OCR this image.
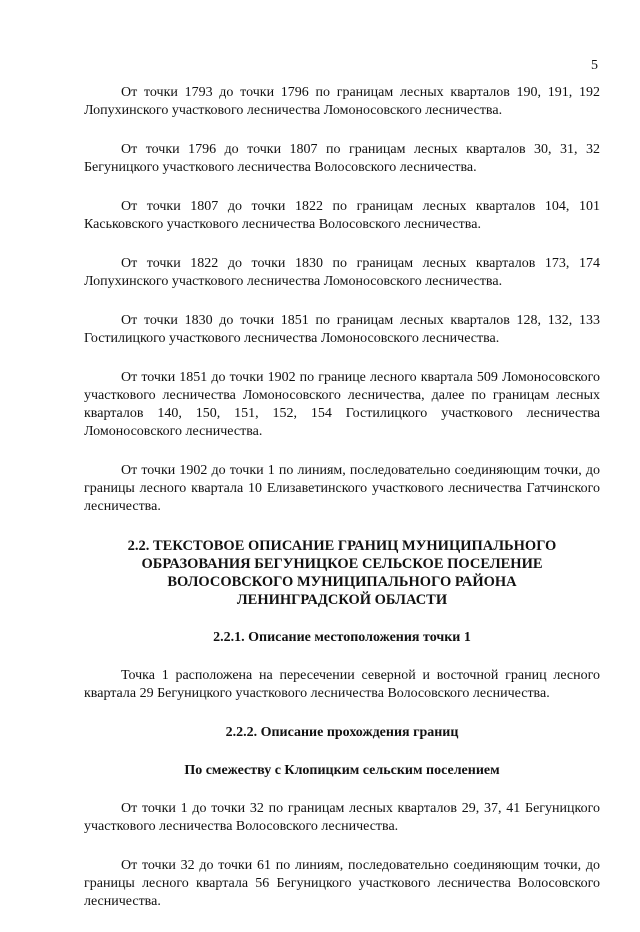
5

От точки 1793 до точки 1796 по границам лесных кварталов 190, 191, 192 Лопухинского участкового лесничества Ломоносовского лесничества.

От точки 1796 до точки 1807 по границам лесных кварталов 30, 31, 32 Бегуницкого участкового лесничества Волосовского лесничества.

От точки 1807 до точки 1822 по границам лесных кварталов 104, 101 Каськовского участкового лесничества Волосовского лесничества.

От точки 1822 до точки 1830 по границам лесных кварталов 173, 174 Лопухинского участкового лесничества Ломоносовского лесничества.

От точки 1830 до точки 1851 по границам лесных кварталов 128, 132, 133 Гостилицкого участкового лесничества Ломоносовского лесничества.

От точки 1851 до точки 1902 по границе лесного квартала 509 Ломоносовского участкового лесничества Ломоносовского лесничества, далее по границам лесных кварталов 140, 150, 151, 152, 154 Гостилицкого участкового лесничества Ломоносовского лесничества.

От точки 1902 до точки 1 по линиям, последовательно соединяющим точки, до границы лесного квартала 10 Елизаветинского участкового лесничества Гатчинского лесничества.

2.2. ТЕКСТОВОЕ ОПИСАНИЕ ГРАНИЦ МУНИЦИПАЛЬНОГО
ОБРАЗОВАНИЯ БЕГУНИЦКОЕ СЕЛЬСКОЕ ПОСЕЛЕНИЕ
ВОЛОСОВСКОГО МУНИЦИПАЛЬНОГО РАЙОНА
ЛЕНИНГРАДСКОЙ ОБЛАСТИ
2.2.1. Описание местоположения точки 1

Точка 1 расположена на пересечении северной и восточной границ лесного квартала 29 Бегуницкого участкового лесничества Волосовского лесничества.

2.2.2. Описание прохождения границ
По смежеству с Клопицким сельским поселением

От точки 1 до точки 32 по границам лесных кварталов 29, 37, 41 Бегуницкого участкового лесничества Волосовского лесничества.

От точки 32 до точки 61 по линиям, последовательно соединяющим точки, до границы лесного квартала 56 Бегуницкого участкового лесничества Волосовского лесничества.
